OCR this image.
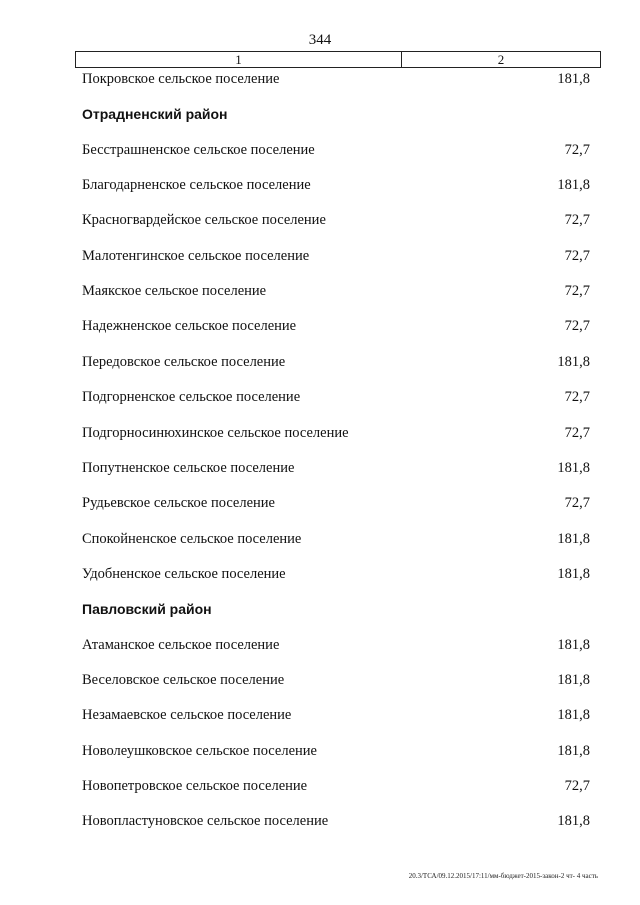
344
1	2
Покровское сельское поселение	181,8
Отрадненский район
Бесстрашненское сельское поселение	72,7
Благодарненское сельское поселение	181,8
Красногвардейское сельское поселение	72,7
Малотенгинское сельское поселение	72,7
Маякское сельское поселение	72,7
Надежненское сельское поселение	72,7
Передовское сельское поселение	181,8
Подгорненское сельское поселение	72,7
Подгорносинюхинское сельское поселение	72,7
Попутненское сельское поселение	181,8
Рудьевское сельское поселение	72,7
Спокойненское сельское поселение	181,8
Удобненское сельское поселение	181,8
Павловский район
Атаманское сельское поселение	181,8
Веселовское сельское поселение	181,8
Незамаевское сельское поселение	181,8
Новолеушковское сельское поселение	181,8
Новопетровское сельское поселение	72,7
Новопластуновское сельское поселение	181,8
20.3/ТСА/09.12.2015/17:11/мм-бюджет-2015-закон-2 чт- 4 часть
